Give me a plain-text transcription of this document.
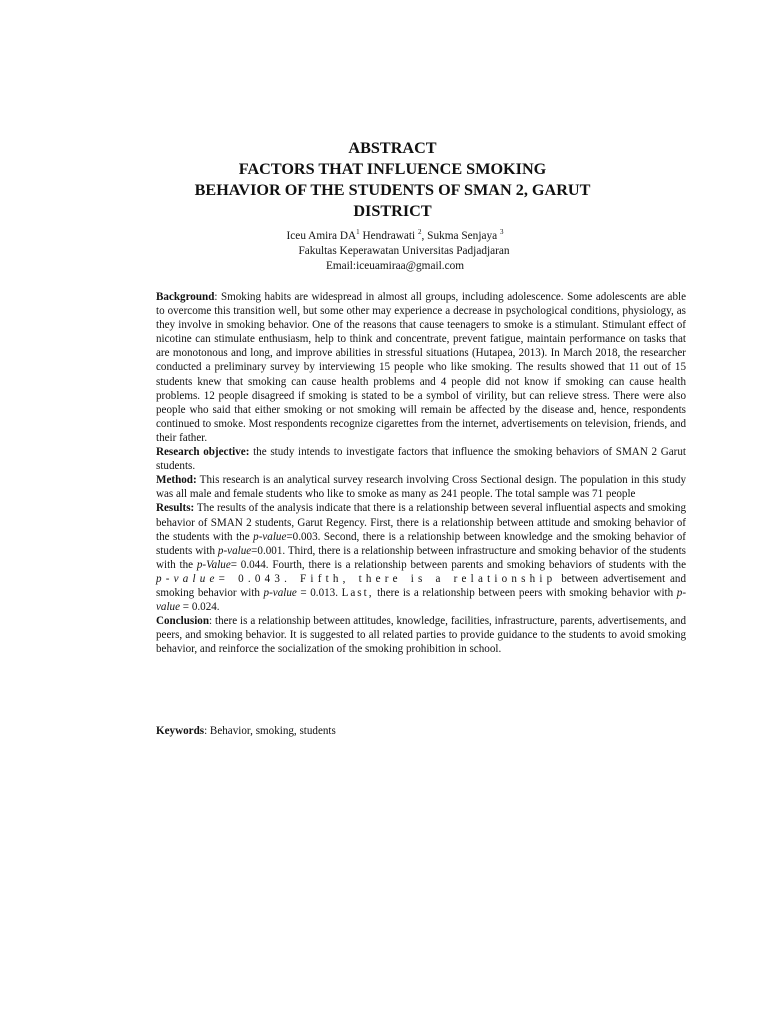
ABSTRACT
FACTORS THAT INFLUENCE SMOKING
BEHAVIOR OF THE STUDENTS OF SMAN 2, GARUT
DISTRICT
Iceu Amira $DA^1$ Hendrawati $^2$, Sukma Senjaya $^3$
Fakultas Keperawatan Universitas Padjadjaran
Email:iceuamiraa@gmail.com

Background: Smoking habits are widespread in almost all groups, including adolescence. Some adolescents are able to overcome this transition well, but some other may experience a decrease in psychological conditions, physiology, as they involve in smoking behavior. One of the reasons that cause teenagers to smoke is a stimulant. Stimulant effect of nicotine can stimulate enthusiasm, help to think and concentrate, prevent fatigue, maintain performance on tasks that are monotonous and long, and improve abilities in stressful situations (Hutapea, 2013). In March 2018, the researcher conducted a preliminary survey by interviewing 15 people who like smoking. The results showed that 11 out of 15 students knew that smoking can cause health problems and 4 people did not know if smoking can cause health problems. 12 people disagreed if smoking is stated to be a symbol of virility, but can relieve stress. There were also people who said that either smoking or not smoking will remain be affected by the disease and, hence, respondents continued to smoke. Most respondents recognize cigarettes from the internet, advertisements on television, friends, and their father.

Research objective: the study intends to investigate factors that influence the smoking behaviors of SMAN 2 Garut students.

Method: This research is an analytical survey research involving Cross Sectional design. The population in this study was all male and female students who like to smoke as many as 241 people. The total sample was 71 people

Results: The results of the analysis indicate that there is a relationship between several influential aspects and smoking behavior of SMAN 2 students, Garut Regency. First, there is a relationship between attitude and smoking behavior of the students with the p-value=0.003. Second, there is a relationship between knowledge and the smoking behavior of students with p-value=0.001. Third, there is a relationship between infrastructure and smoking behavior of the students with the p-Value= 0.044. Fourth, there is a relationship between parents and smoking behaviors of students with the p-value= 0.043. Fifth, there is a relationship between advertisement and smoking behavior with p-value = 0.013. Last, there is a relationship between peers with smoking behavior with p-value = 0.024.

Conclusion: there is a relationship between attitudes, knowledge, facilities, infrastructure, parents, advertisements, and peers, and smoking behavior. It is suggested to all related parties to provide guidance to the students to avoid smoking behavior, and reinforce the socialization of the smoking prohibition in school.

Keywords: Behavior, smoking, students
